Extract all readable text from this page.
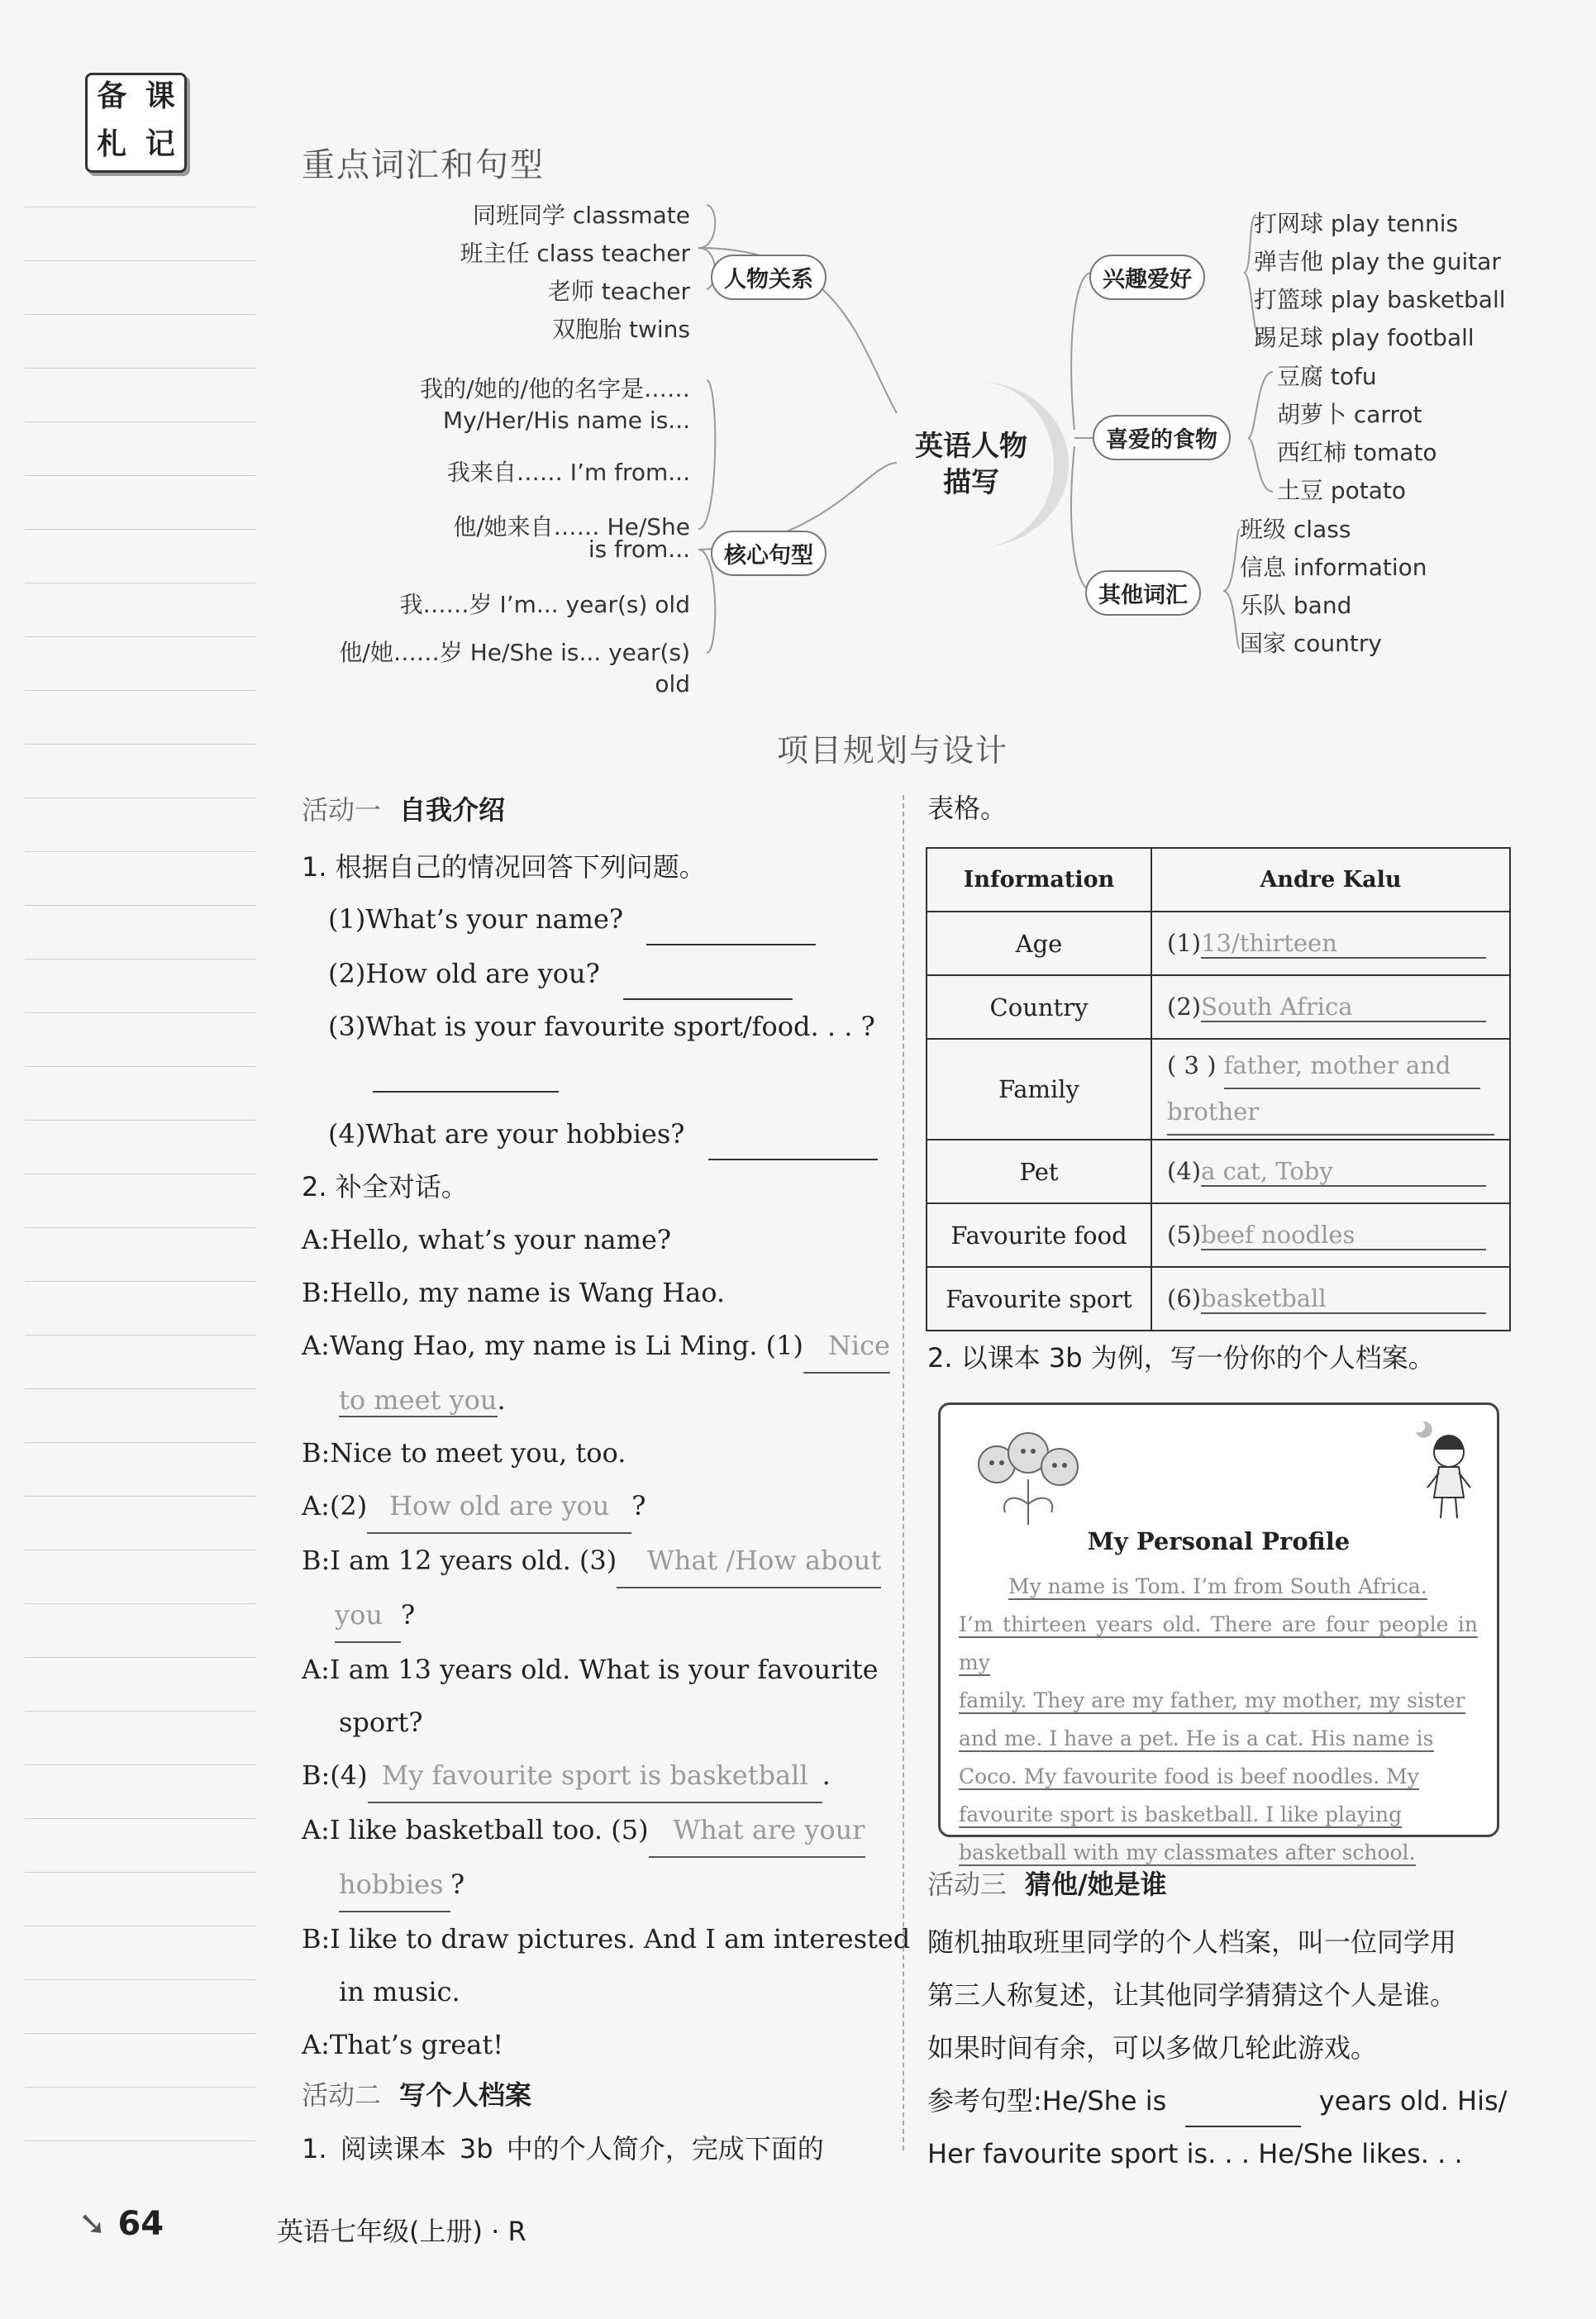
备 课
札 记
重点词汇和句型
同班同学 classmate
班主任 class teacher
老师 teacher
双胞胎 twins
人物关系
我的/她的/他的名字是……
My/Her/His name is...
我来自…… I’m from...
他/她来自…… He/She
is from...
我……岁 I’m... year(s) old
他/她……岁 He/She is... year(s) old
核心句型
英语人物描写
兴趣爱好
喜爱的食物
其他词汇
打网球 play tennis
弹吉他 play the guitar
打篮球 play basketball
踢足球 play football
豆腐 tofu
胡萝卜 carrot
西红柿 tomato
土豆 potato
班级 class
信息 information
乐队 band
国家 country
项目规划与设计
活动一 自我介绍
1. 根据自己的情况回答下列问题。
(1)What’s your name?
(2)How old are you?
(3)What is your favourite sport/food. . . ?
(4)What are your hobbies?
2. 补全对话。
A:Hello, what’s your name?
B:Hello, my name is Wang Hao.
A:Wang Hao, my name is Li Ming. (1) Nice
to meet you.
B:Nice to meet you, too.
A:(2) How old are you ?
B:I am 12 years old. (3) What /How about
you ?
A:I am 13 years old. What is your favourite
sport?
B:(4) My favourite sport is basketball .
A:I like basketball too. (5) What are your
hobbies ?
B:I like to draw pictures. And I am interested
in music.
A:That’s great!
活动二 写个人档案
1. 阅读课本 3b 中的个人简介，完成下面的
表格。
Information	Andre Kalu
Age	(1)13/thirteen
Country	(2)South Africa
Family	( 3 ) father, mother and
brother

Pet	(4)a cat, Toby
Favourite food	(5)beef noodles
Favourite sport	(6)basketball
2. 以课本 3b 为例，写一份你的个人档案。
My Personal Profile
My name is Tom. I’m from South Africa.
I’m thirteen years old. There are four people in my
family. They are my father, my mother, my sister
and me. I have a pet. He is a cat. His name is
Coco. My favourite food is beef noodles. My
favourite sport is basketball. I like playing
basketball with my classmates after school.
活动三 猜他/她是谁
随机抽取班里同学的个人档案，叫一位同学用
第三人称复述，让其他同学猜猜这个人是谁。
如果时间有余，可以多做几轮此游戏。
参考句型:He/She is	years old. His/
Her favourite sport is. . . He/She likes. . .
➘ 64	英语七年级(上册) · R
